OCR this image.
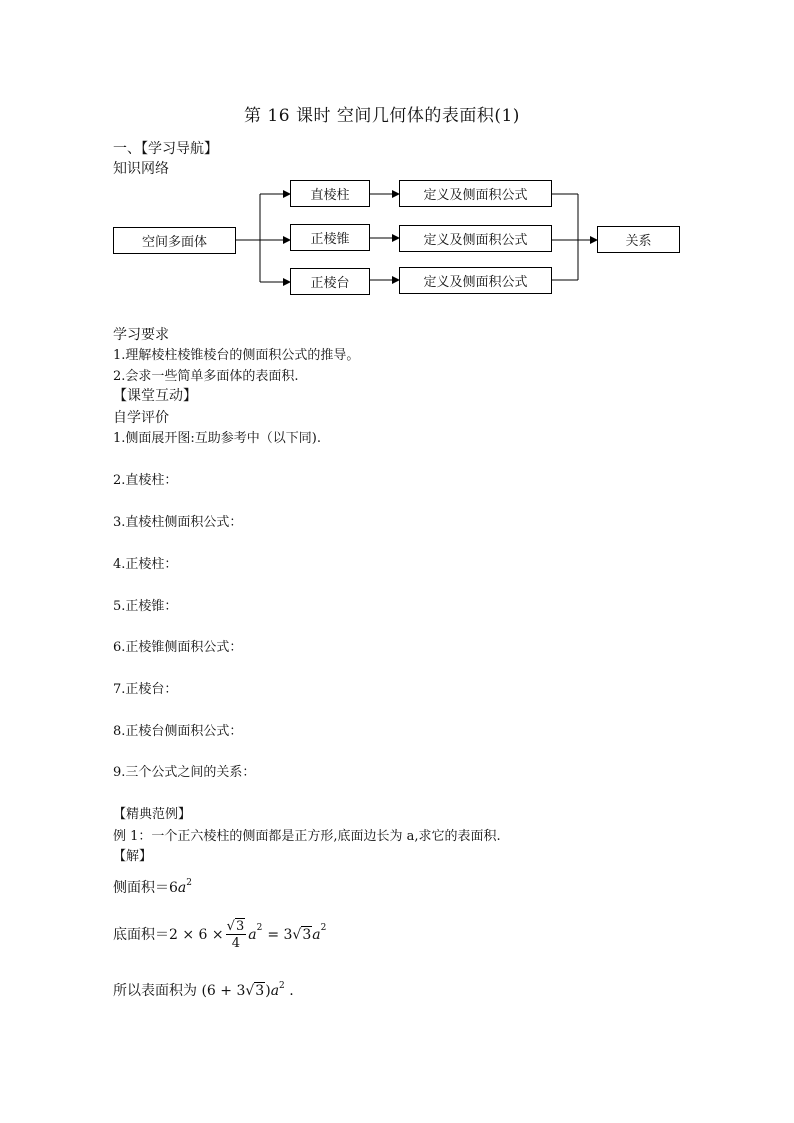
第 16 课时 空间几何体的表面积(1)
一、【学习导航】
知识网络
空间多面体
直棱柱
正棱锥
正棱台
定义及侧面积公式
定义及侧面积公式
定义及侧面积公式
关系
学习要求
1.理解棱柱棱锥棱台的侧面积公式的推导。
2.会求一些简单多面体的表面积.
【课堂互动】
自学评价
1.侧面展开图:互助参考中（以下同).
2.直棱柱：
3.直棱柱侧面积公式：
4.正棱柱：
5.正棱锥：
6.正棱锥侧面积公式：
7.正棱台：
8.正棱台侧面积公式：
9.三个公式之间的关系：
【精典范例】
例 1：一个正六棱柱的侧面都是正方形,底面边长为 a,求它的表面积.
【解】
侧面积$=6a^2$
底面积＝ $2 \times 6 \times \frac{√3}{4}$ a 2 = 3 √ 3 a 2
所以表面积为 $(6 + 3√3)a^2$ .
